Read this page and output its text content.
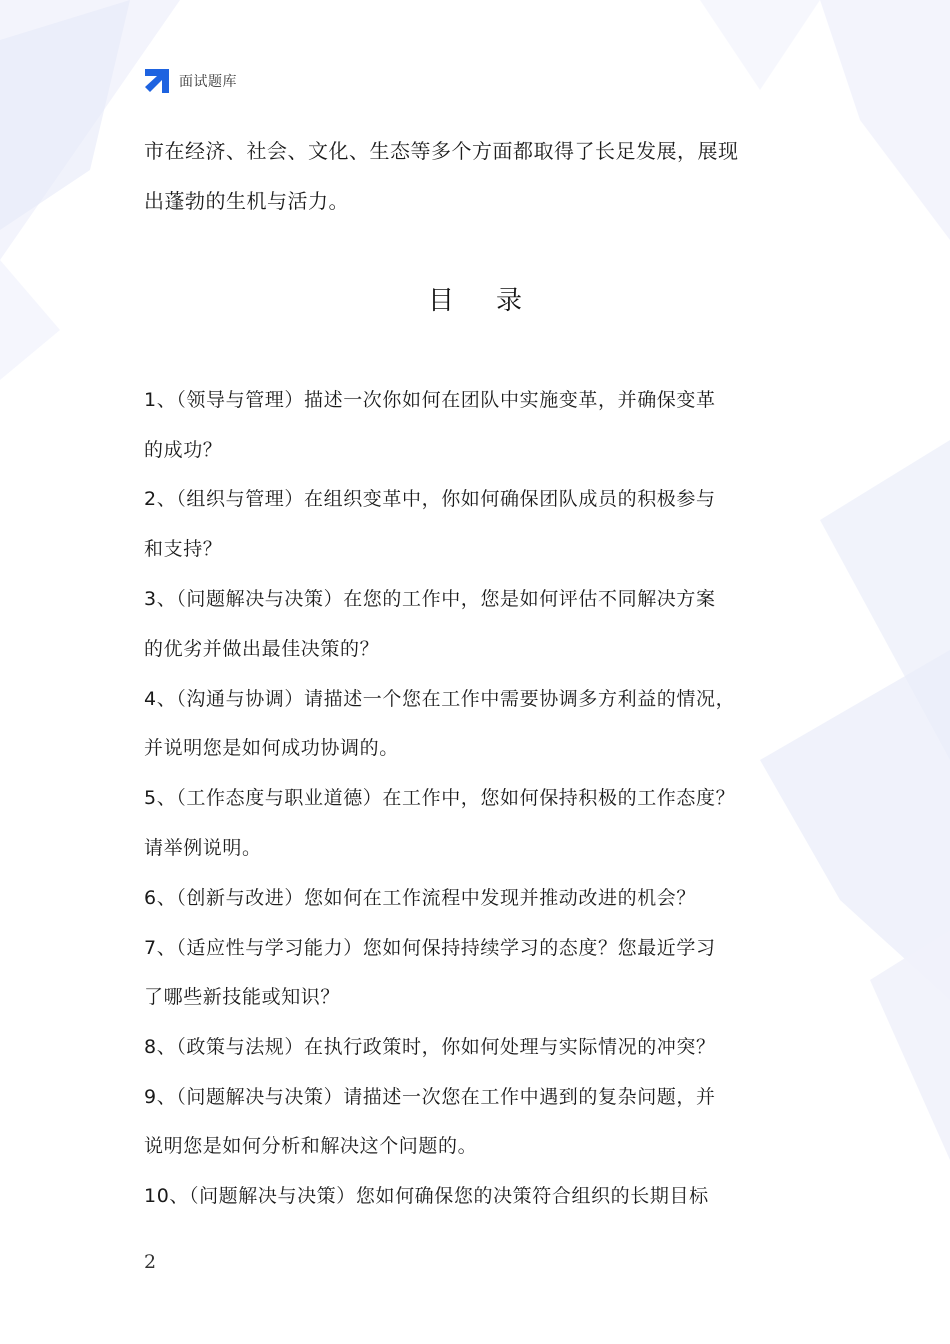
面试题库
市在经济、社会、文化、生态等多个方面都取得了长足发展，展现
出蓬勃的生机与活力。
目录
1、（领导与管理）描述一次你如何在团队中实施变革，并确保变革
的成功？
2、（组织与管理）在组织变革中，你如何确保团队成员的积极参与
和支持？
3、（问题解决与决策）在您的工作中，您是如何评估不同解决方案
的优劣并做出最佳决策的？
4、（沟通与协调）请描述一个您在工作中需要协调多方利益的情况，
并说明您是如何成功协调的。
5、（工作态度与职业道德）在工作中，您如何保持积极的工作态度？
请举例说明。
6、（创新与改进）您如何在工作流程中发现并推动改进的机会？
7、（适应性与学习能力）您如何保持持续学习的态度？您最近学习
了哪些新技能或知识？
8、（政策与法规）在执行政策时，你如何处理与实际情况的冲突？
9、（问题解决与决策）请描述一次您在工作中遇到的复杂问题，并
说明您是如何分析和解决这个问题的。
10、（问题解决与决策）您如何确保您的决策符合组织的长期目标
2
